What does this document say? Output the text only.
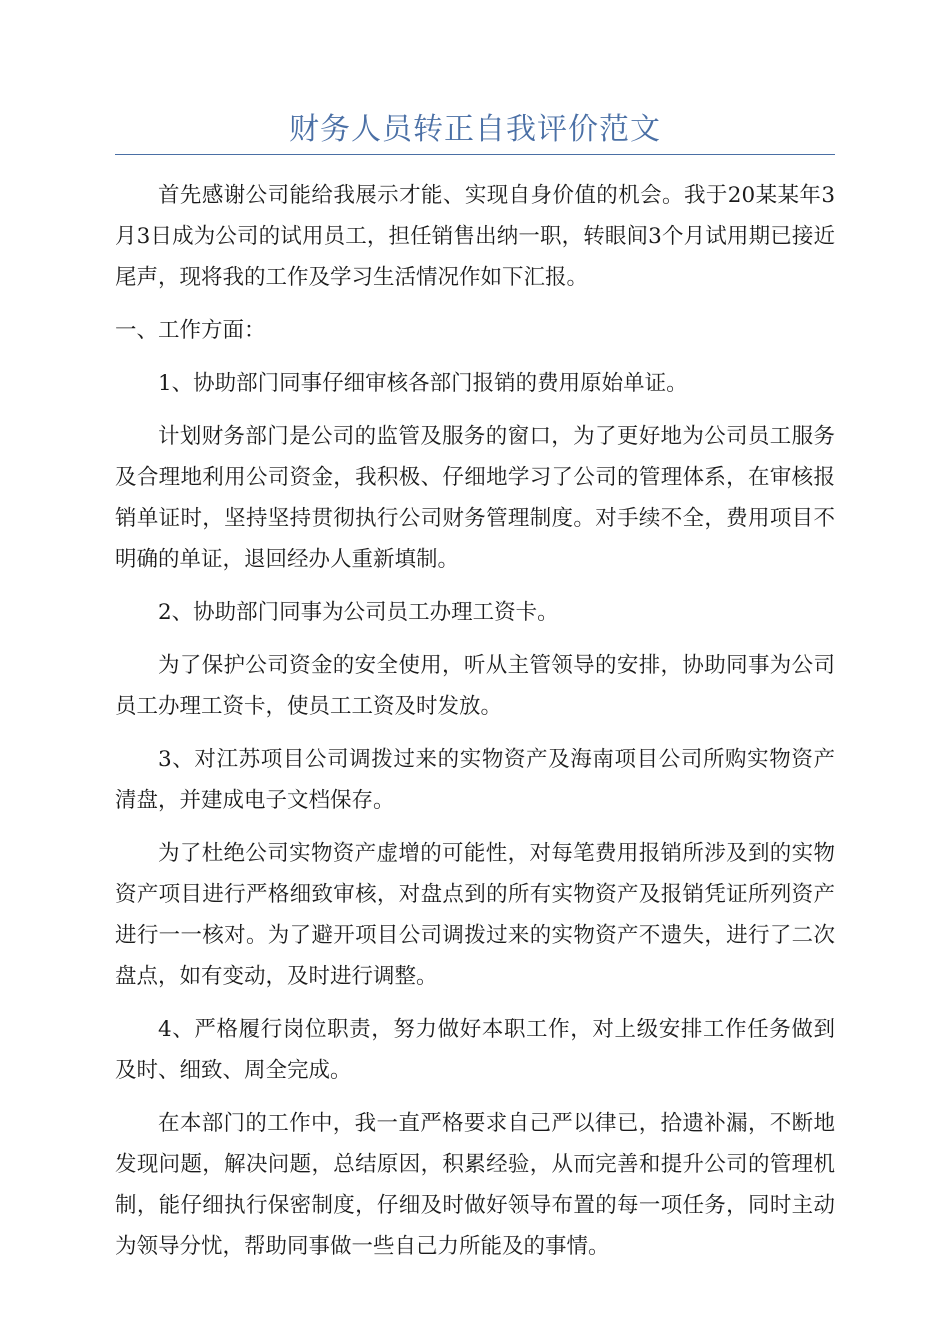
财务人员转正自我评价范文

首先感谢公司能给我展示才能、实现自身价值的机会。我于20某某年3月3日成为公司的试用员工，担任销售出纳一职，转眼间3个月试用期已接近尾声，现将我的工作及学习生活情况作如下汇报。

一、工作方面：

1、协助部门同事仔细审核各部门报销的费用原始单证。

计划财务部门是公司的监管及服务的窗口，为了更好地为公司员工服务及合理地利用公司资金，我积极、仔细地学习了公司的管理体系，在审核报销单证时，坚持坚持贯彻执行公司财务管理制度。对手续不全，费用项目不明确的单证，退回经办人重新填制。

2、协助部门同事为公司员工办理工资卡。

为了保护公司资金的安全使用，听从主管领导的安排，协助同事为公司员工办理工资卡，使员工工资及时发放。

3、对江苏项目公司调拨过来的实物资产及海南项目公司所购实物资产清盘，并建成电子文档保存。

为了杜绝公司实物资产虚增的可能性，对每笔费用报销所涉及到的实物资产项目进行严格细致审核，对盘点到的所有实物资产及报销凭证所列资产进行一一核对。为了避开项目公司调拨过来的实物资产不遗失，进行了二次盘点，如有变动，及时进行调整。

4、严格履行岗位职责，努力做好本职工作，对上级安排工作任务做到及时、细致、周全完成。

在本部门的工作中，我一直严格要求自己严以律已，拾遗补漏，不断地发现问题，解决问题，总结原因，积累经验，从而完善和提升公司的管理机制，能仔细执行保密制度，仔细及时做好领导布置的每一项任务，同时主动为领导分忧，帮助同事做一些自己力所能及的事情。
